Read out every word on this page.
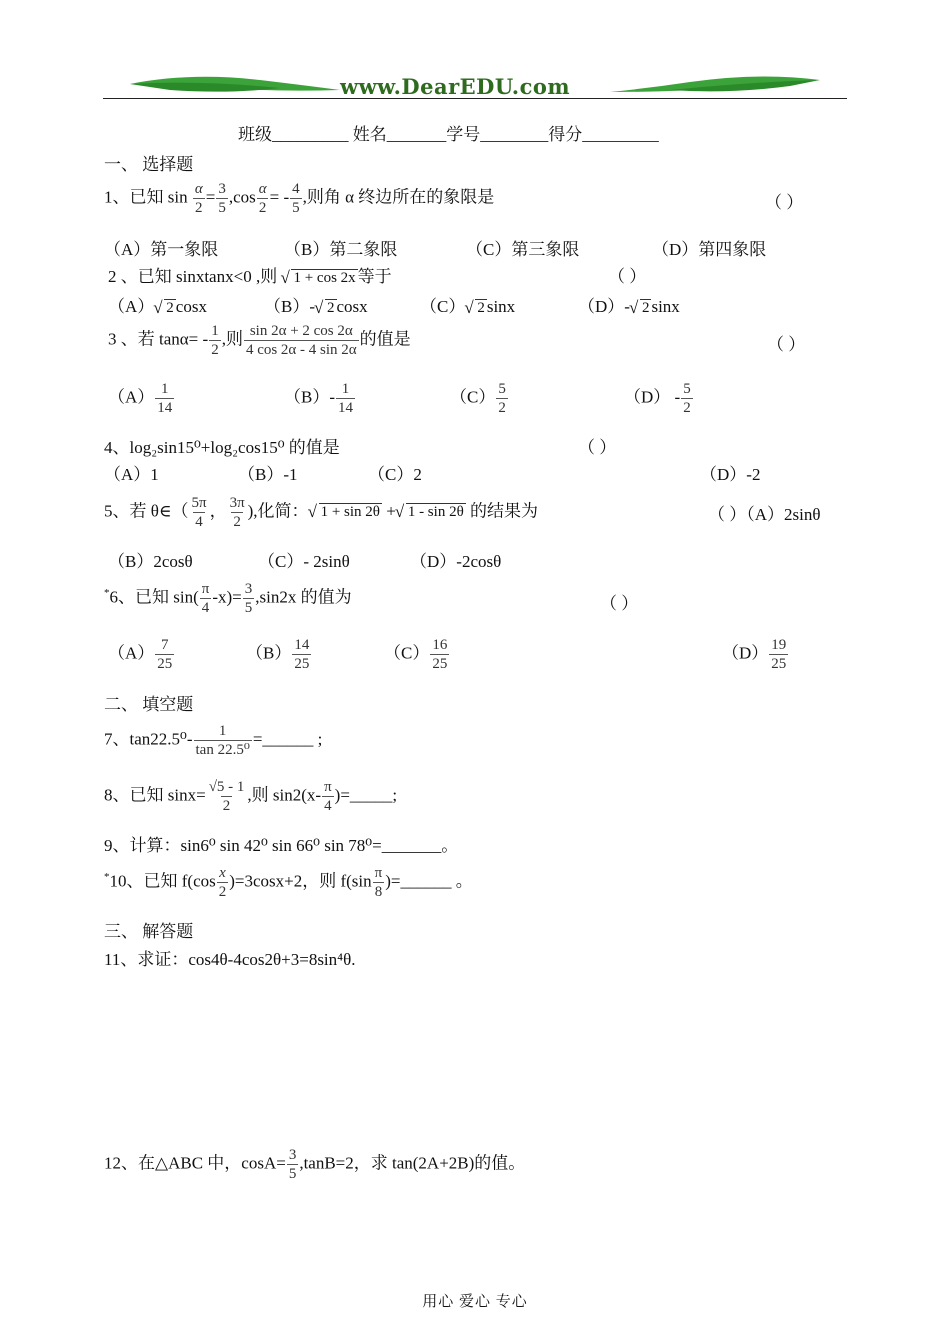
www.DearEDU.com
班级_________ 姓名_______学号________得分_________
一、 选择题
1、已知 $\sin \frac{\alpha}{2} = \frac{3}{5} ,\cos \frac{\alpha}{2}$ = - $\frac{4}{5}$ ,则角 α 终边所在的象限是	（ ）
（A）第一象限	（B）第二象限	（C）第三象限	（D）第四象限
2 、已知 sinxtanx<0 ,则 √ 1 + cos 2x 等于	（ ）
（A） √ 2 cosx	（B）- √ 2 cosx	（C） √ 2 sinx	（D）- √ 2 sinx
3 、若 $\tan\alpha= - \frac{1}{2}$ ,则 $\frac{\sin 2\alpha + 2 \cos 2\alpha}{4 \cos 2\alpha - 4 \sin 2\alpha}$ 的值是	（ ）
$(A) \frac{1}{14}$	$(B)- \frac{1}{14}$	$(C) \frac{5}{2}$	$(D) - \frac{5}{2}$
4、log₂sin15⁰+log₂cos15⁰ 的值是	（ ）
（A）1	（B）-1	（C）2	（D）-2
5、若 θ∈（ $\frac{5\pi}{4}$ ， $\frac{3\pi}{2}$ ),化简： √ 1 + sin 2θ + √ 1 - sin 2θ 的结果为	（ ）（A）2sinθ
（B）2cosθ	（C）- 2sinθ	（D）-2cosθ
*6、已知 $\sin( \frac{\pi}{4} -x)= \frac{3}{5} ,\sin 2x$ 的值为	（ ）
$(A) \frac{7}{25}$	$(B) \frac{14}{25}$	$(C) \frac{16}{25}$	$(D) \frac{19}{25}$
二、 填空题
7、$\tan 22.5^0- \frac{1}{\text{tan 22.5⁰}}$ =______ ;
8、已知 $\sin x= \frac{√5 - 1}{2}$ ,则 $\sin 2(x- \frac{\pi}{4}$ )=_____;
9、计算：sin6⁰ sin 42⁰ sin 66⁰ sin 78⁰=_______。
*10、已知 $f(\cos \frac{x}{2} )=3\cos x+2$，则 $f(\sin \frac{\pi}{8}$ )=______ 。
三、 解答题
11、求证：cos4θ-4cos2θ+3=8sin⁴θ.
12、在△ABC 中，$\cos A= \frac{3}{5} ,\tan B=2$，求 tan(2A+2B)的值。
用心 爱心 专心
